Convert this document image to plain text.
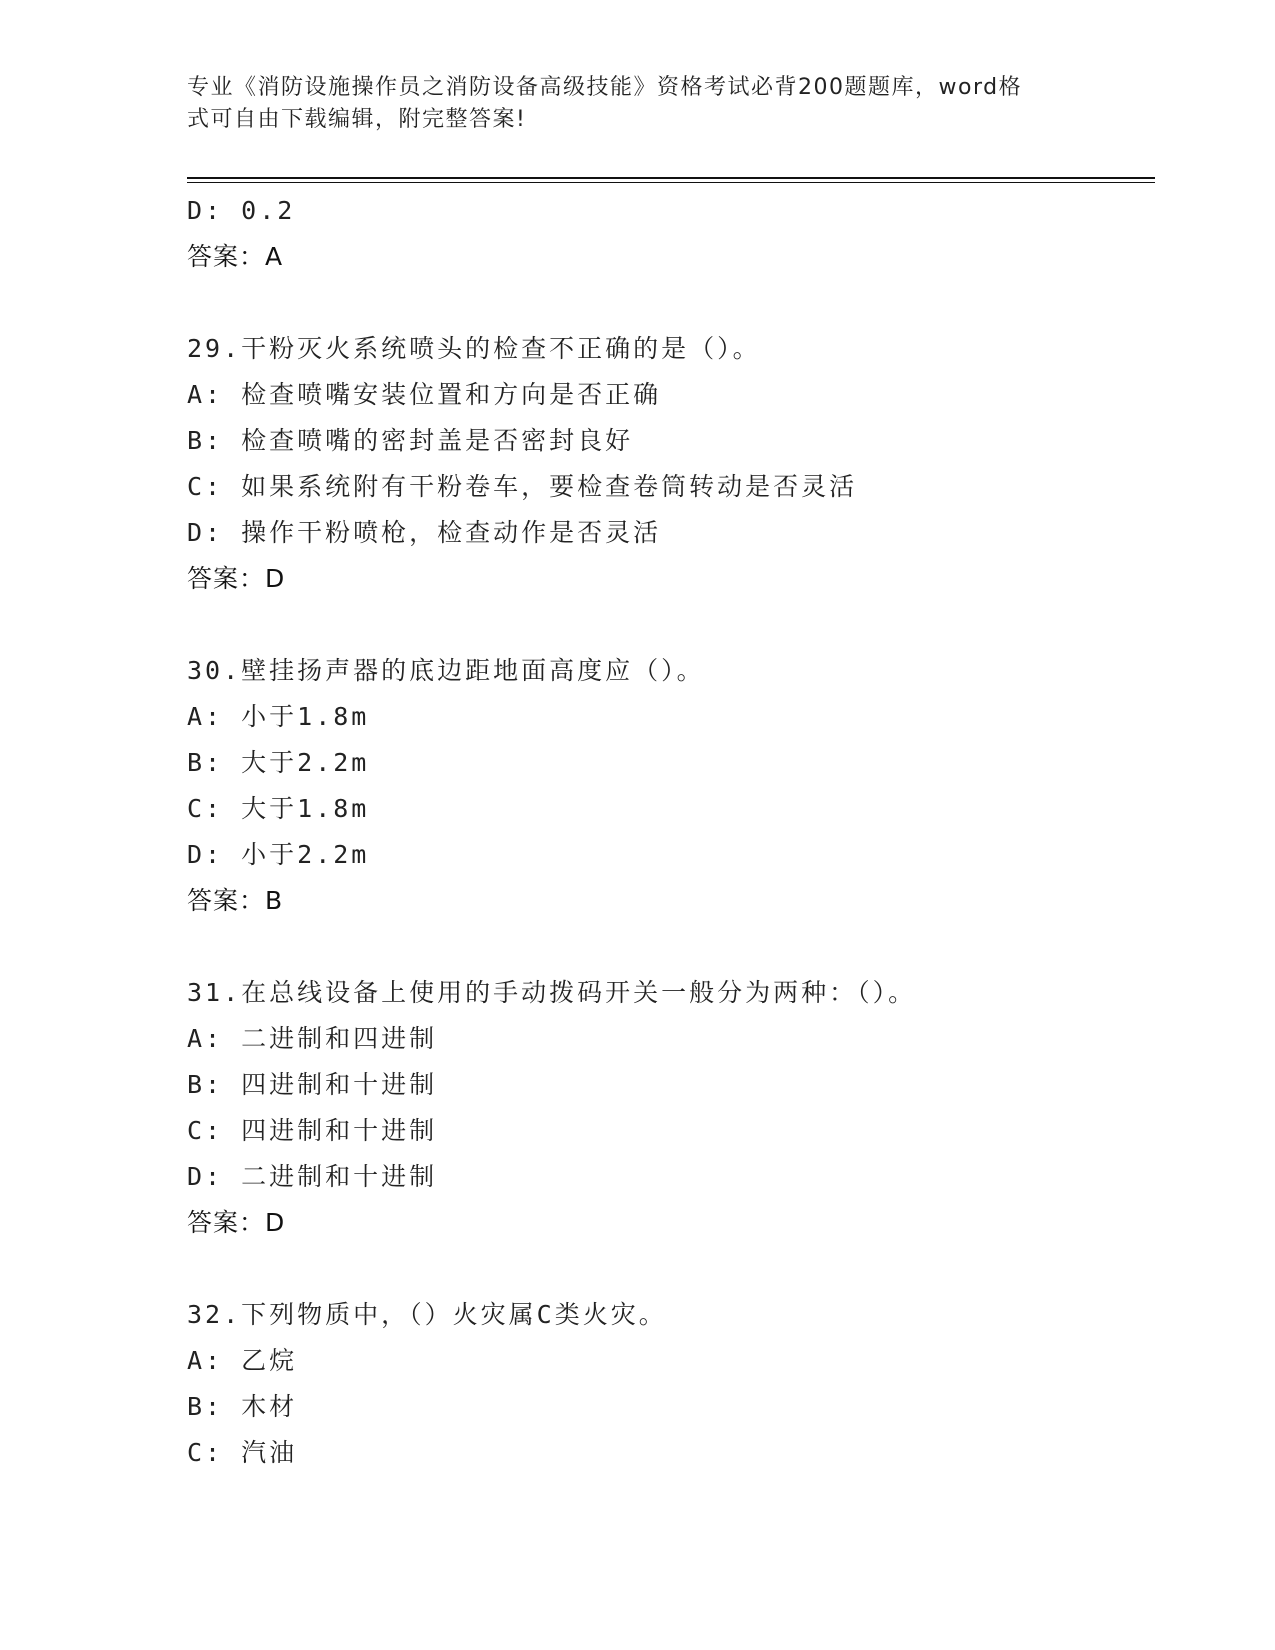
专业《消防设施操作员之消防设备高级技能》资格考试必背200题题库，word格
式可自由下载编辑，附完整答案!
D: 0.2
答案：A
29.干粉灭火系统喷头的检查不正确的是（）。
A: 检查喷嘴安装位置和方向是否正确
B: 检查喷嘴的密封盖是否密封良好
C: 如果系统附有干粉卷车，要检查卷筒转动是否灵活
D: 操作干粉喷枪，检查动作是否灵活
答案：D
30.壁挂扬声器的底边距地面高度应（）。
A: 小于1.8m
B: 大于2.2m
C: 大于1.8m
D: 小于2.2m
答案：B
31.在总线设备上使用的手动拨码开关一般分为两种：（）。
A: 二进制和四进制
B: 四进制和十进制
C: 四进制和十进制
D: 二进制和十进制
答案：D
32.下列物质中，（）火灾属C类火灾。
A: 乙烷
B: 木材
C: 汽油
